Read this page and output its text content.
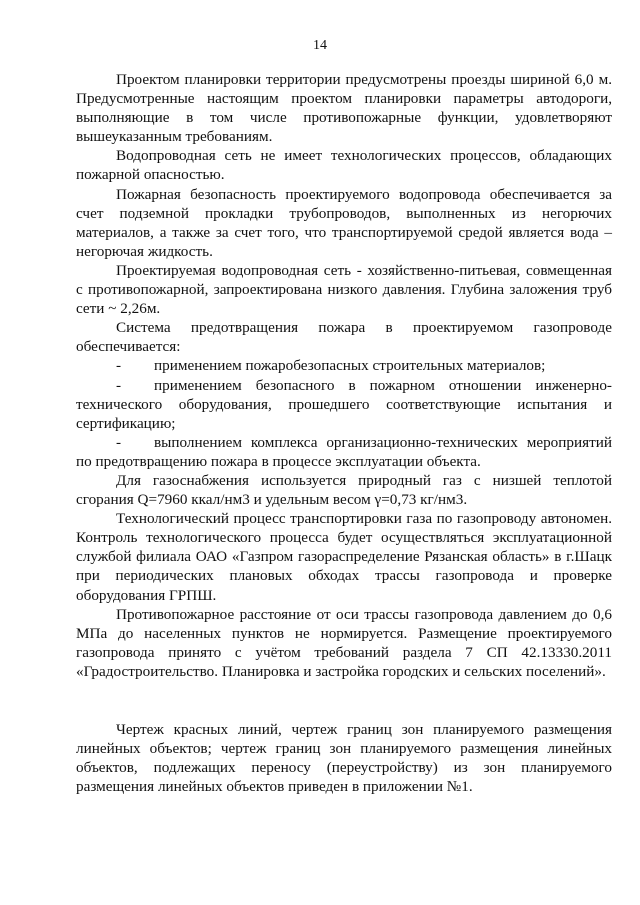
14

Проектом планировки территории предусмотрены проезды шириной 6,0 м. Предусмотренные настоящим проектом планировки параметры автодороги, выполняющие в том числе противопожарные функции, удовлетворяют вышеуказанным требованиям.

Водопроводная сеть не имеет технологических процессов, обладающих пожарной опасностью.

Пожарная безопасность проектируемого водопровода обеспечивается за счет подземной прокладки трубопроводов, выполненных из негорючих материалов, а также за счет того, что транспортируемой средой является вода – негорючая жидкость.

Проектируемая водопроводная сеть - хозяйственно-питьевая, совмещенная с противопожарной, запроектирована низкого давления. Глубина заложения труб сети ~ 2,26м.

Система предотвращения пожара в проектируемом газопроводе обеспечивается:

- применением пожаробезопасных строительных материалов;

- применением безопасного в пожарном отношении инженерно-технического оборудования, прошедшего соответствующие испытания и сертификацию;

- выполнением комплекса организационно-технических мероприятий по предотвращению пожара в процессе эксплуатации объекта.

Для газоснабжения используется природный газ с низшей теплотой сгорания Q=7960 ккал/нм3 и удельным весом γ=0,73 кг/нм3.

Технологический процесс транспортировки газа по газопроводу автономен. Контроль технологического процесса будет осуществляться эксплуатационной службой филиала ОАО «Газпром газораспределение Рязанская область» в г.Шацк при периодических плановых обходах трассы газопровода и проверке оборудования ГРПШ.

Противопожарное расстояние от оси трассы газопровода давлением до 0,6 МПа до населенных пунктов не нормируется. Размещение проектируемого газопровода принято с учётом требований раздела 7 СП 42.13330.2011 «Градостроительство. Планировка и застройка городских и сельских поселений».

Чертеж красных линий, чертеж границ зон планируемого размещения линейных объектов; чертеж границ зон планируемого размещения линейных объектов, подлежащих переносу (переустройству) из зон планируемого размещения линейных объектов приведен в приложении №1.
